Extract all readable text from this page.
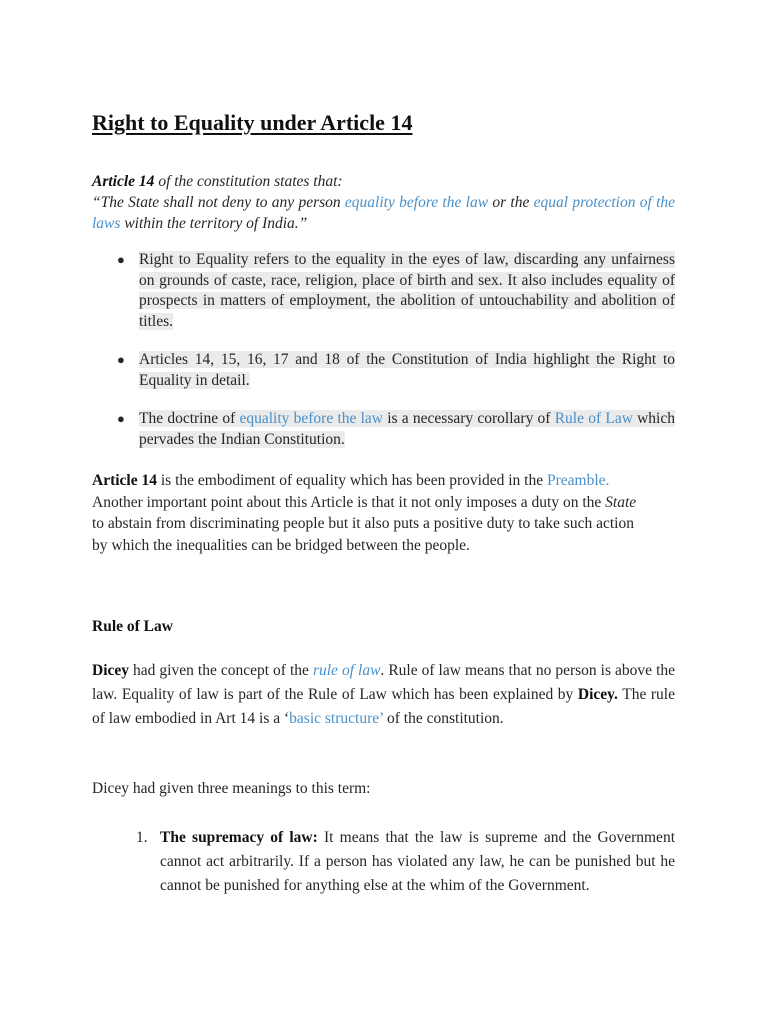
Right to Equality under Article 14
Article 14 of the constitution states that:
“The State shall not deny to any person equality before the law or the equal protection of the laws within the territory of India.”
● Right to Equality refers to the equality in the eyes of law, discarding any unfairness on grounds of caste, race, religion, place of birth and sex. It also includes equality of prospects in matters of employment, the abolition of untouchability and abolition of titles.
● Articles 14, 15, 16, 17 and 18 of the Constitution of India highlight the Right to Equality in detail.
● The doctrine of equality before the law is a necessary corollary of Rule of Law which pervades the Indian Constitution.

Article 14 is the embodiment of equality which has been provided in the Preamble. Another important point about this Article is that it not only imposes a duty on the State to abstain from discriminating people but it also puts a positive duty to take such action by which the inequalities can be bridged between the people.

Rule of Law

Dicey had given the concept of the rule of law. Rule of law means that no person is above the law. Equality of law is part of the Rule of Law which has been explained by Dicey. The rule of law embodied in Art 14 is a ‘basic structure’ of the constitution.

Dicey had given three meanings to this term:

1. The supremacy of law: It means that the law is supreme and the Government cannot act arbitrarily. If a person has violated any law, he can be punished but he cannot be punished for anything else at the whim of the Government.
